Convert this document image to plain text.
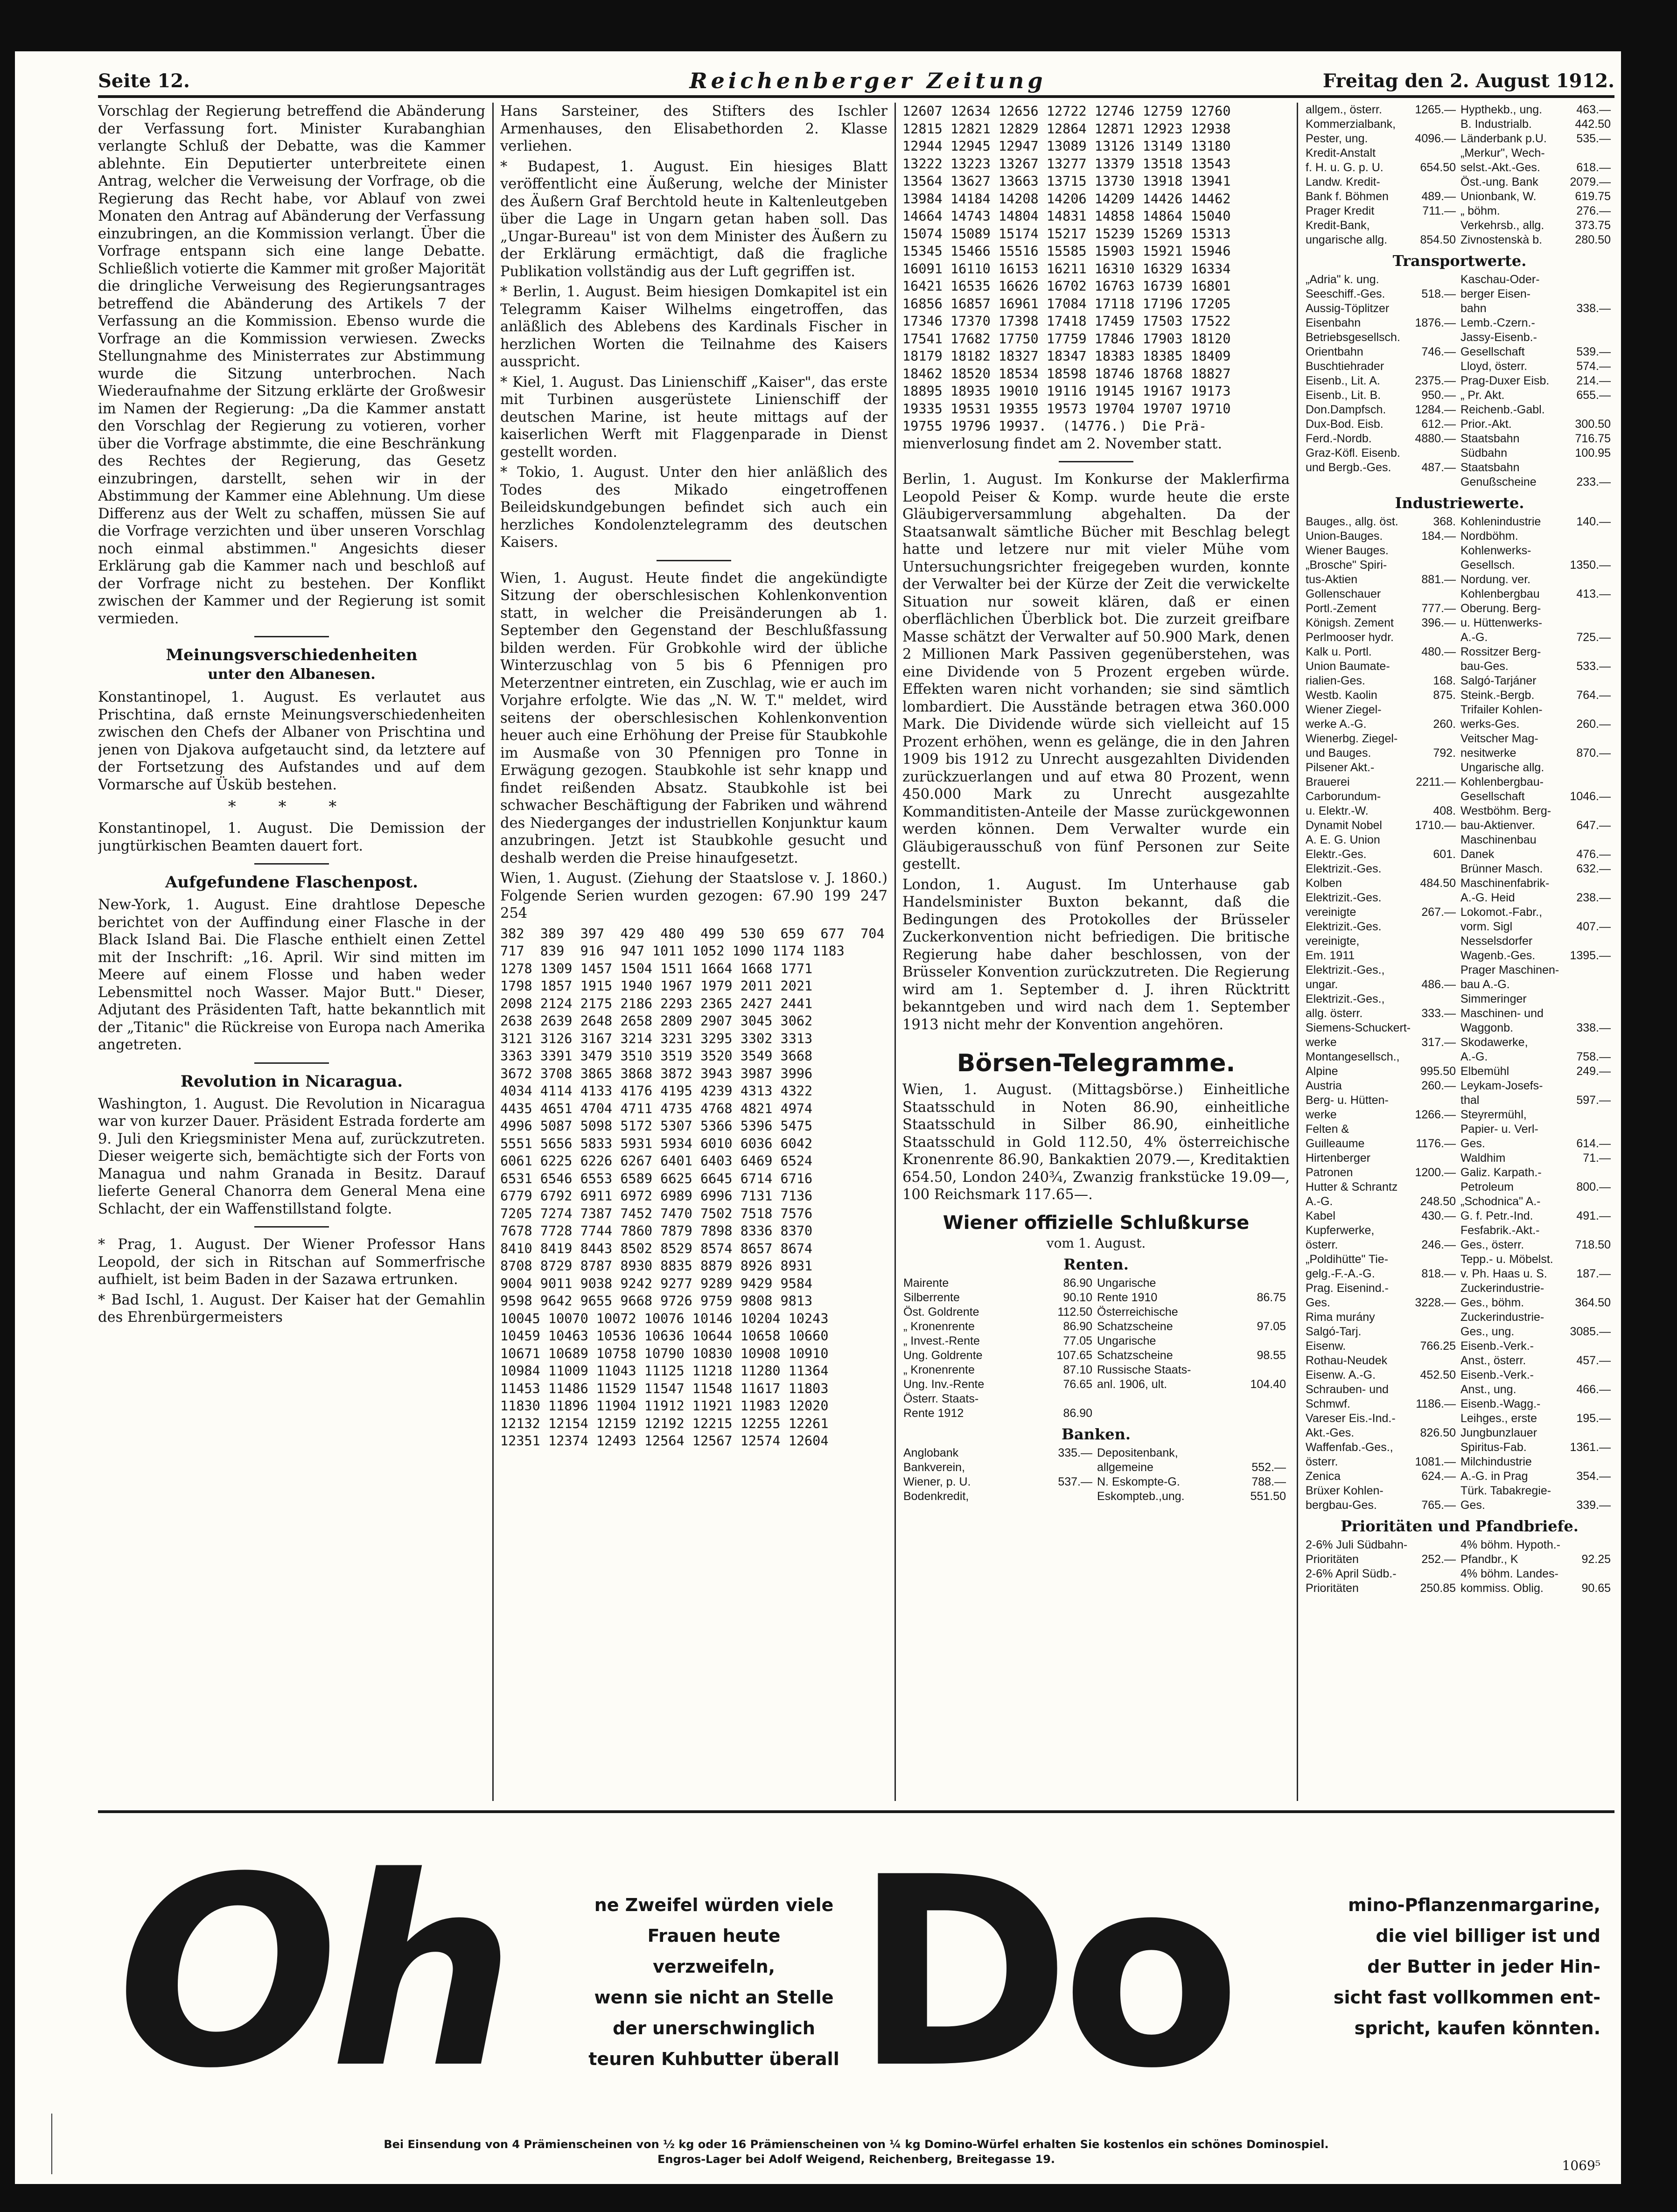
Seite 12.	Reichenberger Zeitung	Freitag den 2. August 1912.

Vorschlag der Regierung betreffend die Abänderung der Verfassung fort. Minister Kurabanghian verlangte Schluß der Debatte, was die Kammer ablehnte. Ein Deputierter unterbreitete einen Antrag, welcher die Verweisung der Vorfrage, ob die Regierung das Recht habe, vor Ablauf von zwei Monaten den Antrag auf Abänderung der Verfassung einzubringen, an die Kommission verlangt. Über die Vorfrage entspann sich eine lange Debatte. Schließlich votierte die Kammer mit großer Majorität die dringliche Verweisung des Regierungsantrages betreffend die Abänderung des Artikels 7 der Verfassung an die Kommission. Ebenso wurde die Vorfrage an die Kommission verwiesen. Zwecks Stellungnahme des Ministerrates zur Abstimmung wurde die Sitzung unterbrochen. Nach Wiederaufnahme der Sitzung erklärte der Großwesir im Namen der Regierung: „Da die Kammer anstatt den Vorschlag der Regierung zu votieren, vorher über die Vorfrage abstimmte, die eine Beschränkung des Rechtes der Regierung, das Gesetz einzubringen, darstellt, sehen wir in der Abstimmung der Kammer eine Ablehnung. Um diese Differenz aus der Welt zu schaffen, müssen Sie auf die Vorfrage verzichten und über unseren Vorschlag noch einmal abstimmen." Angesichts dieser Erklärung gab die Kammer nach und beschloß auf der Vorfrage nicht zu bestehen. Der Konflikt zwischen der Kammer und der Regierung ist somit vermieden.

Meinungsverschiedenheiten
unter den Albanesen.

Konstantinopel, 1. August. Es verlautet aus Prischtina, daß ernste Meinungsverschiedenheiten zwischen den Chefs der Albaner von Prischtina und jenen von Djakova aufgetaucht sind, da letztere auf der Fortsetzung des Aufstandes und auf dem Vormarsche auf Üsküb bestehen.

* * *

Konstantinopel, 1. August. Die Demission der jungtürkischen Beamten dauert fort.

Aufgefundene Flaschenpost.

New-York, 1. August. Eine drahtlose Depesche berichtet von der Auffindung einer Flasche in der Black Island Bai. Die Flasche enthielt einen Zettel mit der Inschrift: „16. April. Wir sind mitten im Meere auf einem Flosse und haben weder Lebensmittel noch Wasser. Major Butt." Dieser, Adjutant des Präsidenten Taft, hatte bekanntlich mit der „Titanic" die Rückreise von Europa nach Amerika angetreten.

Revolution in Nicaragua.

Washington, 1. August. Die Revolution in Nicaragua war von kurzer Dauer. Präsident Estrada forderte am 9. Juli den Kriegsminister Mena auf, zurückzutreten. Dieser weigerte sich, bemächtigte sich der Forts von Managua und nahm Granada in Besitz. Darauf lieferte General Chanorra dem General Mena eine Schlacht, der ein Waffenstillstand folgte.

* Prag, 1. August. Der Wiener Professor Hans Leopold, der sich in Ritschan auf Sommerfrische aufhielt, ist beim Baden in der Sazawa ertrunken.

* Bad Ischl, 1. August. Der Kaiser hat der Gemahlin des Ehrenbürgermeisters

Hans Sarsteiner, des Stifters des Ischler Armenhauses, den Elisabethorden 2. Klasse verliehen.

* Budapest, 1. August. Ein hiesiges Blatt veröffentlicht eine Äußerung, welche der Minister des Äußern Graf Berchtold heute in Kaltenleutgeben über die Lage in Ungarn getan haben soll. Das „Ungar-Bureau" ist von dem Minister des Äußern zu der Erklärung ermächtigt, daß die fragliche Publikation vollständig aus der Luft gegriffen ist.

* Berlin, 1. August. Beim hiesigen Domkapitel ist ein Telegramm Kaiser Wilhelms eingetroffen, das anläßlich des Ablebens des Kardinals Fischer in herzlichen Worten die Teilnahme des Kaisers ausspricht.

* Kiel, 1. August. Das Linienschiff „Kaiser", das erste mit Turbinen ausgerüstete Linienschiff der deutschen Marine, ist heute mittags auf der kaiserlichen Werft mit Flaggenparade in Dienst gestellt worden.

* Tokio, 1. August. Unter den hier anläßlich des Todes des Mikado eingetroffenen Beileidskundgebungen befindet sich auch ein herzliches Kondolenztelegramm des deutschen Kaisers.

Wien, 1. August. Heute findet die angekündigte Sitzung der oberschlesischen Kohlenkonvention statt, in welcher die Preisänderungen ab 1. September den Gegenstand der Beschlußfassung bilden werden. Für Grobkohle wird der übliche Winterzuschlag von 5 bis 6 Pfennigen pro Meterzentner eintreten, ein Zuschlag, wie er auch im Vorjahre erfolgte. Wie das „N. W. T." meldet, wird seitens der oberschlesischen Kohlenkonvention heuer auch eine Erhöhung der Preise für Staubkohle im Ausmaße von 30 Pfennigen pro Tonne in Erwägung gezogen. Staubkohle ist sehr knapp und findet reißenden Absatz. Staubkohle ist bei schwacher Beschäftigung der Fabriken und während des Niederganges der industriellen Konjunktur kaum anzubringen. Jetzt ist Staubkohle gesucht und deshalb werden die Preise hinaufgesetzt.

Wien, 1. August. (Ziehung der Staatslose v. J. 1860.) Folgende Serien wurden gezogen: 67.90 199 247 254

382  389  397  429  480  499  530  659  677  704
717  839  916  947 1011 1052 1090 1174 1183
1278 1309 1457 1504 1511 1664 1668 1771
1798 1857 1915 1940 1967 1979 2011 2021
2098 2124 2175 2186 2293 2365 2427 2441
2638 2639 2648 2658 2809 2907 3045 3062
3121 3126 3167 3214 3231 3295 3302 3313
3363 3391 3479 3510 3519 3520 3549 3668
3672 3708 3865 3868 3872 3943 3987 3996
4034 4114 4133 4176 4195 4239 4313 4322
4435 4651 4704 4711 4735 4768 4821 4974
4996 5087 5098 5172 5307 5366 5396 5475
5551 5656 5833 5931 5934 6010 6036 6042
6061 6225 6226 6267 6401 6403 6469 6524
6531 6546 6553 6589 6625 6645 6714 6716
6779 6792 6911 6972 6989 6996 7131 7136
7205 7274 7387 7452 7470 7502 7518 7576
7678 7728 7744 7860 7879 7898 8336 8370
8410 8419 8443 8502 8529 8574 8657 8674
8708 8729 8787 8930 8835 8879 8926 8931
9004 9011 9038 9242 9277 9289 9429 9584
9598 9642 9655 9668 9726 9759 9808 9813
10045 10070 10072 10076 10146 10204 10243
10459 10463 10536 10636 10644 10658 10660
10671 10689 10758 10790 10830 10908 10910
10984 11009 11043 11125 11218 11280 11364
11453 11486 11529 11547 11548 11617 11803
11830 11896 11904 11912 11921 11983 12020
12132 12154 12159 12192 12215 12255 12261
12351 12374 12493 12564 12567 12574 12604
12607 12634 12656 12722 12746 12759 12760
12815 12821 12829 12864 12871 12923 12938
12944 12945 12947 13089 13126 13149 13180
13222 13223 13267 13277 13379 13518 13543
13564 13627 13663 13715 13730 13918 13941
13984 14184 14208 14206 14209 14426 14462
14664 14743 14804 14831 14858 14864 15040
15074 15089 15174 15217 15239 15269 15313
15345 15466 15516 15585 15903 15921 15946
16091 16110 16153 16211 16310 16329 16334
16421 16535 16626 16702 16763 16739 16801
16856 16857 16961 17084 17118 17196 17205
17346 17370 17398 17418 17459 17503 17522
17541 17682 17750 17759 17846 17903 18120
18179 18182 18327 18347 18383 18385 18409
18462 18520 18534 18598 18746 18768 18827
18895 18935 19010 19116 19145 19167 19173
19335 19531 19355 19573 19704 19707 19710
19755 19796 19937.  (14776.)  Die Prä-

mienverlosung findet am 2. November statt.

Berlin, 1. August. Im Konkurse der Maklerfirma Leopold Peiser & Komp. wurde heute die erste Gläubigerversammlung abgehalten. Da der Staatsanwalt sämtliche Bücher mit Beschlag belegt hatte und letzere nur mit vieler Mühe vom Untersuchungsrichter freigegeben wurden, konnte der Verwalter bei der Kürze der Zeit die verwickelte Situation nur soweit klären, daß er einen oberflächlichen Überblick bot. Die zurzeit greifbare Masse schätzt der Verwalter auf 50.900 Mark, denen 2 Millionen Mark Passiven gegenüberstehen, was eine Dividende von 5 Prozent ergeben würde. Effekten waren nicht vorhanden; sie sind sämtlich lombardiert. Die Ausstände betragen etwa 360.000 Mark. Die Dividende würde sich vielleicht auf 15 Prozent erhöhen, wenn es gelänge, die in den Jahren 1909 bis 1912 zu Unrecht ausgezahlten Dividenden zurückzuerlangen und auf etwa 80 Prozent, wenn 450.000 Mark zu Unrecht ausgezahlte Kommanditisten-Anteile der Masse zurückgewonnen werden können. Dem Verwalter wurde ein Gläubigerausschuß von fünf Personen zur Seite gestellt.

London, 1. August. Im Unterhause gab Handelsminister Buxton bekannt, daß die Bedingungen des Protokolles der Brüsseler Zuckerkonvention nicht befriedigen. Die britische Regierung habe daher beschlossen, von der Brüsseler Konvention zurückzutreten. Die Regierung wird am 1. September d. J. ihren Rücktritt bekanntgeben und wird nach dem 1. September 1913 nicht mehr der Konvention angehören.

Börsen-Telegramme.

Wien, 1. August. (Mittagsbörse.) Einheitliche Staatsschuld in Noten 86.90, einheitliche Staatsschuld in Silber 86.90, einheitliche Staatsschuld in Gold 112.50, 4% österreichische Kronenrente 86.90, Bankaktien 2079.—, Kreditaktien 654.50, London 240¾, Zwanzig frankstücke 19.09—, 100 Reichsmark 117.65—.

Wiener offizielle Schlußkurse
vom 1. August.
Renten.
Mairente	86.90
Silberrente	90.10
Öst. Goldrente	112.50
„ Kronenrente	86.90
„ Invest.-Rente	77.05
Ung. Goldrente	107.65
„ Kronenrente	87.10
Ung. Inv.-Rente	76.65
Österr. Staats-	
Rente 1912	86.90
Ungarische	
Rente 1910	86.75
Österreichische	
Schatzscheine	97.05
Ungarische	
Schatzscheine	98.55
Russische Staats-	
anl. 1906, ult.	104.40
Banken.
Anglobank	335.—
Bankverein,	
Wiener, p. U.	537.—
Bodenkredit,	
Depositenbank,	
allgemeine	552.—
N. Eskompte-G.	788.—
Eskompteb.,ung.	551.50
allgem., österr.	1265.—
Kommerzialbank,	
Pester, ung.	4096.—
Kredit-Anstalt	
f. H. u. G. p. U.	654.50
Landw. Kredit-	
Bank f. Böhmen	489.—
Prager Kredit	711.—
Kredit-Bank,	
ungarische allg.	854.50
Hypthekb., ung.	463.—
B. Industrialb.	442.50
Länderbank p.U.	535.—
„Merkur", Wech-	
selst.-Akt.-Ges.	618.—
Öst.-ung. Bank	2079.—
Unionbank, W.	619.75
„ böhm.	276.—
Verkehrsb., allg.	373.75
Zivnostenskà b.	280.50
Transportwerte.
„Adria" k. ung.	
Seeschiff.-Ges.	518.—
Aussig-Töplitzer	
Eisenbahn	1876.—
Betriebsgesellsch.	
Orientbahn	746.—
Buschtiehrader	
Eisenb., Lit. A.	2375.—
Eisenb., Lit. B.	950.—
Don.Dampfsch.	1284.—
Dux-Bod. Eisb.	612.—
Ferd.-Nordb.	4880.—
Graz-Köfl. Eisenb.	
und Bergb.-Ges.	487.—
Kaschau-Oder-	
berger Eisen-	
bahn	338.—
Lemb.-Czern.-	
Jassy-Eisenb.-	
Gesellschaft	539.—
Lloyd, österr.	574.—
Prag-Duxer Eisb.	214.—
„ Pr. Akt.	655.—
Reichenb.-Gabl.	
Prior.-Akt.	300.50
Staatsbahn	716.75
Südbahn	100.95
Staatsbahn	
Genußscheine	233.—
Industriewerte.
Bauges., allg. öst.	368.
Union-Bauges.	184.—
Wiener Bauges.	
„Brosche" Spiri-	
tus-Aktien	881.—
Gollenschauer	
Portl.-Zement	777.—
Königsh. Zement	396.—
Perlmooser hydr.	
Kalk u. Portl.	480.—
Union Baumate-	
rialien-Ges.	168.
Westb. Kaolin	875.
Wiener Ziegel-	
werke A.-G.	260.
Wienerbg. Ziegel-	
und Bauges.	792.
Pilsener Akt.-	
Brauerei	2211.—
Carborundum-	
u. Elektr.-W.	408.
Dynamit Nobel	1710.—
A. E. G. Union	
Elektr.-Ges.	601.
Elektrizit.-Ges.	
Kolben	484.50
Elektrizit.-Ges.	
vereinigte	267.—
Elektrizit.-Ges.	
vereinigte,	
Em. 1911	
Elektrizit.-Ges.,	
ungar.	486.—
Elektrizit.-Ges.,	
allg. österr.	333.—
Siemens-Schuckert-	
werke	317.—
Montangesellsch.,	
Alpine	995.50
Austria	260.—
Berg- u. Hütten-	
werke	1266.—
Felten &	
Guilleaume	1176.—
Hirtenberger	
Patronen	1200.—
Hutter & Schrantz	
A.-G.	248.50
Kabel	430.—
Kupferwerke,	
österr.	246.—
„Poldihütte" Tie-	
gelg.-F.-A.-G.	818.—
Prag. Eisenind.-	
Ges.	3228.—
Rima murány	
Salgó-Tarj.	
Eisenw.	766.25
Rothau-Neudek	
Eisenw. A.-G.	452.50
Schrauben- und	
Schmwf.	1186.—
Vareser Eis.-Ind.-	
Akt.-Ges.	826.50
Waffenfab.-Ges.,	
österr.	1081.—
Zenica	624.—
Brüxer Kohlen-	
bergbau-Ges.	765.—
Kohlenindustrie	140.—
Nordböhm.	
Kohlenwerks-	
Gesellsch.	1350.—
Nordung. ver.	
Kohlenbergbau	413.—
Oberung. Berg-	
u. Hüttenwerks-	
A.-G.	725.—
Rossitzer Berg-	
bau-Ges.	533.—
Salgó-Tarjáner	
Steink.-Bergb.	764.—
Trifailer Kohlen-	
werks-Ges.	260.—
Veitscher Mag-	
nesitwerke	870.—
Ungarische allg.	
Kohlenbergbau-	
Gesellschaft	1046.—
Westböhm. Berg-	
bau-Aktienver.	647.—
Maschinenbau	
Danek	476.—
Brünner Masch.	632.—
Maschinenfabrik-	
A.-G. Heid	238.—
Lokomot.-Fabr.,	
vorm. Sigl	407.—
Nesselsdorfer	
Wagenb.-Ges.	1395.—
Prager Maschinen-	
bau A.-G.	
Simmeringer	
Maschinen- und	
Waggonb.	338.—
Skodawerke,	
A.-G.	758.—
Elbemühl	249.—
Leykam-Josefs-	
thal	597.—
Steyrermühl,	
Papier- u. Verl-	
Ges.	614.—
Waldhim	71.—
Galiz. Karpath.-	
Petroleum	800.—
„Schodnica" A.-	
G. f. Petr.-Ind.	491.—
Fesfabrik.-Akt.-	
Ges., österr.	718.50
Tepp.- u. Möbelst.	
v. Ph. Haas u. S.	187.—
Zuckerindustrie-	
Ges., böhm.	364.50
Zuckerindustrie-	
Ges., ung.	3085.—
Eisenb.-Verk.-	
Anst., österr.	457.—
Eisenb.-Verk.-	
Anst., ung.	466.—
Eisenb.-Wagg.-	
Leihges., erste	195.—
Jungbunzlauer	
Spiritus-Fab.	1361.—
Milchindustrie	
A.-G. in Prag	354.—
Türk. Tabakregie-	
Ges.	339.—
Prioritäten und Pfandbriefe.
2-6% Juli Südbahn-	
Prioritäten	252.—
2-6% April Südb.-	
Prioritäten	250.85
4% böhm. Hypoth.-	
Pfandbr., K	92.25
4% böhm. Landes-	
kommiss. Oblig.	90.65
Oh	ne Zweifel würden viele
Frauen heute verzweifeln,
wenn sie nicht an Stelle
der unerschwinglich
teuren Kuhbutter überall Do	mino-Pflanzenmargarine,
die viel billiger ist und
der Butter in jeder Hin-
sicht fast vollkommen ent-
spricht, kaufen könnten.
Bei Einsendung von 4 Prämienscheinen von ½ kg oder 16 Prämienscheinen von ¼ kg Domino-Würfel erhalten Sie kostenlos ein schönes Dominospiel.
Engros-Lager bei Adolf Weigend, Reichenberg, Breitegasse 19.	1069⁵
